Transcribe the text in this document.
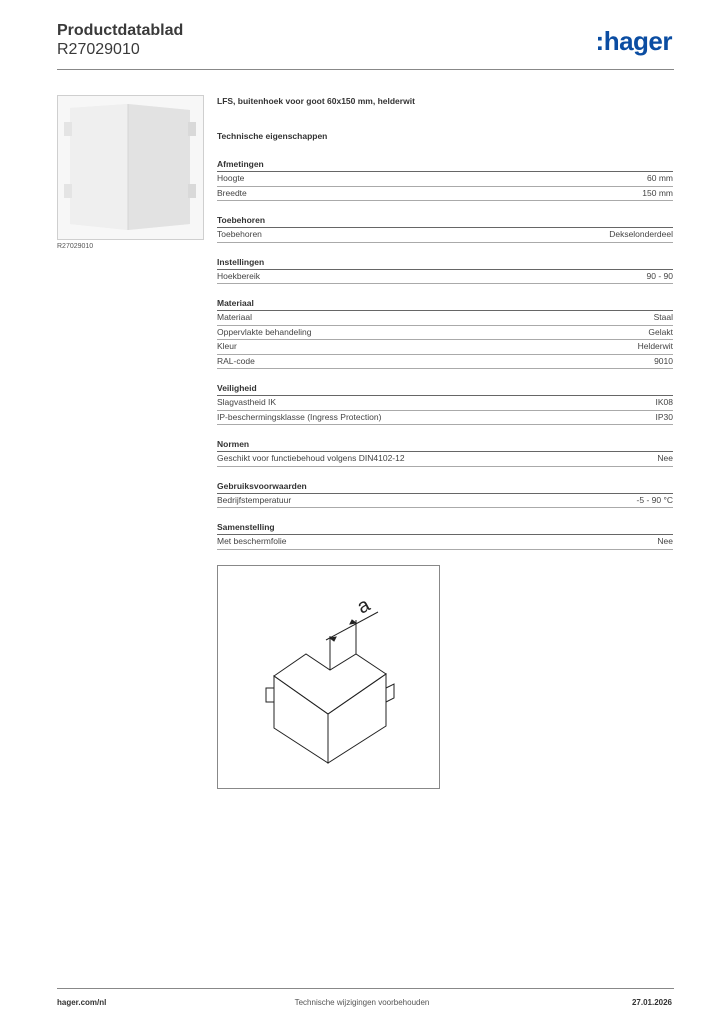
Productdatablad
R27029010	:hager
R27029010
LFS, buitenhoek voor goot 60x150 mm, helderwit
Technische eigenschappen
Afmetingen
Hoogte	60 mm
Breedte	150 mm
Toebehoren
Toebehoren	Dekselonderdeel
Instellingen
Hoekbereik	90 - 90
Materiaal
Materiaal	Staal
Oppervlakte behandeling	Gelakt
Kleur	Helderwit
RAL-code	9010
Veiligheid
Slagvastheid IK	IK08
IP-beschermingsklasse (Ingress Protection)	IP30
Normen
Geschikt voor functiebehoud volgens DIN4102-12	Nee
Gebruiksvoorwaarden
Bedrijfstemperatuur	-5 - 90 °C
Samenstelling
Met beschermfolie	Nee
a
hager.com/nl	Technische wijzigingen voorbehouden	27.01.2026
